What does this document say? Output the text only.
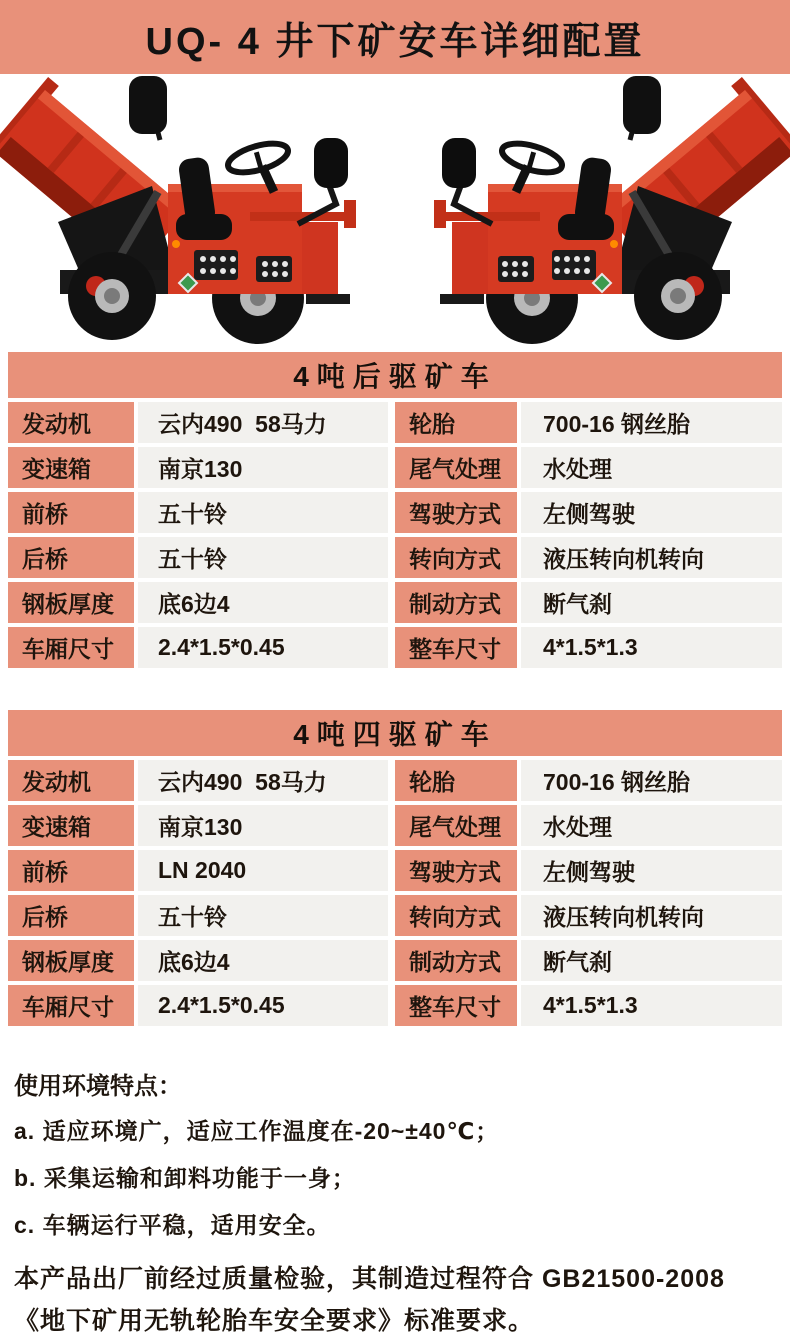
UQ- 4 井下矿安车详细配置
4吨后驱矿车
发动机	云内490  58马力	轮胎	700-16 钢丝胎
变速箱	南京130	尾气处理	水处理
前桥	五十铃	驾驶方式	左侧驾驶
后桥	五十铃	转向方式	液压转向机转向
钢板厚度	底6边4	制动方式	断气刹
车厢尺寸	2.4*1.5*0.45	整车尺寸	4*1.5*1.3
4吨四驱矿车
发动机	云内490  58马力	轮胎	700-16 钢丝胎
变速箱	南京130	尾气处理	水处理
前桥	LN 2040	驾驶方式	左侧驾驶
后桥	五十铃	转向方式	液压转向机转向
钢板厚度	底6边4	制动方式	断气刹
车厢尺寸	2.4*1.5*0.45	整车尺寸	4*1.5*1.3
使用环境特点：
a. 适应环境广，适应工作温度在-20~±40℃；
b. 采集运输和卸料功能于一身；
c. 车辆运行平稳，适用安全。
本产品出厂前经过质量检验，其制造过程符合 GB21500-2008
《地下矿用无轨轮胎车安全要求》标准要求。
